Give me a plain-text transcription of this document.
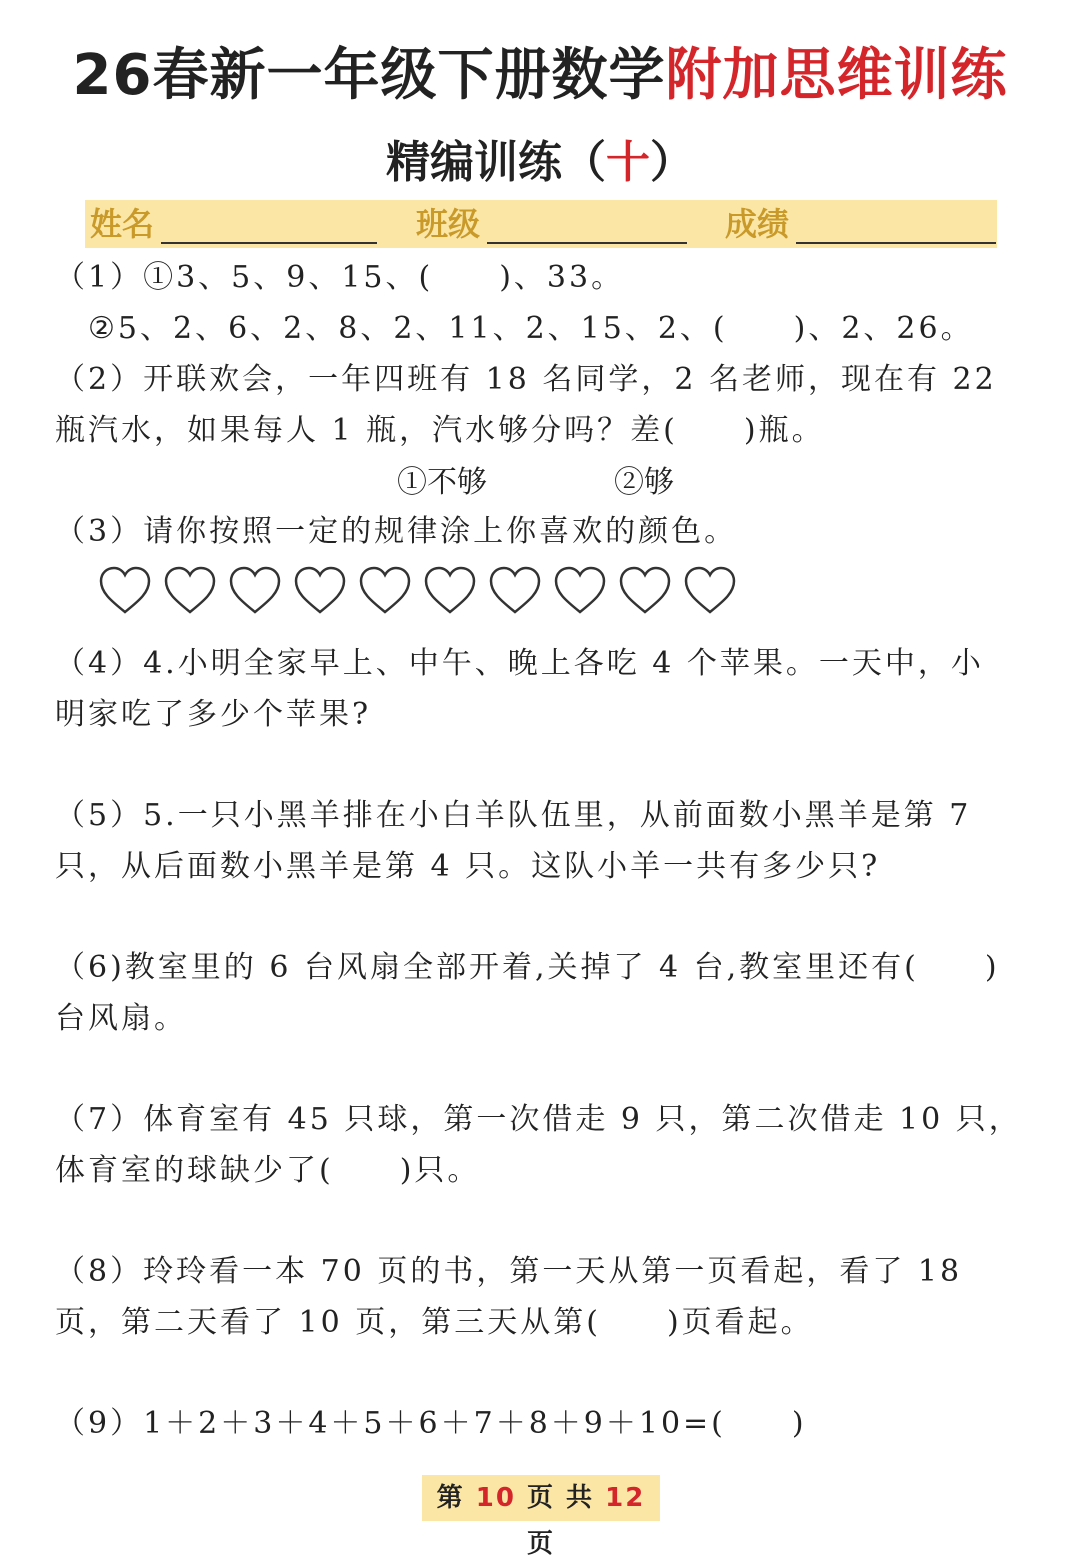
26春新一年级下册数学附加思维训练
精编训练（十）
姓名	班级	成绩
（1）①3、5、9、15、(　　)、33。
②5、2、6、2、8、2、11、2、15、2、(　　)、2、26。
（2）开联欢会，一年四班有 18 名同学，2 名老师，现在有 22
瓶汽水，如果每人 1 瓶，汽水够分吗？差(　　)瓶。
①不够	②够
（3）请你按照一定的规律涂上你喜欢的颜色。
（4）4.小明全家早上、中午、晚上各吃 4 个苹果。一天中，小
明家吃了多少个苹果?
（5）5.一只小黑羊排在小白羊队伍里，从前面数小黑羊是第 7
只，从后面数小黑羊是第 4 只。这队小羊一共有多少只?
（6)教室里的 6 台风扇全部开着,关掉了 4 台,教室里还有(　　)
台风扇。
（7）体育室有 45 只球，第一次借走 9 只，第二次借走 10 只，
体育室的球缺少了(　　)只。
（8）玲玲看一本 70 页的书，第一天从第一页看起，看了 18
页，第二天看了 10 页，第三天从第(　　)页看起。
（9）1＋2＋3＋4＋5＋6＋7＋8＋9＋10=(　　)
第 10 页 共 12 页
